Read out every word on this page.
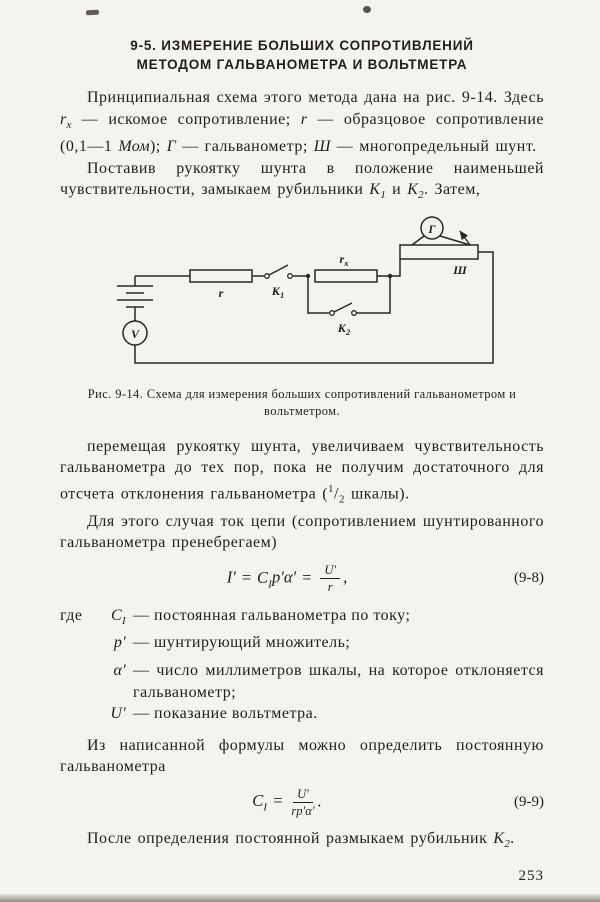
9-5. ИЗМЕРЕНИЕ БОЛЬШИХ СОПРОТИВЛЕНИЙ
МЕТОДОМ ГАЛЬВАНОМЕТРА И ВОЛЬТМЕТРА

Принципиальная схема этого метода дана на рис. 9-14. Здесь $r_x$ — искомое сопротивление; r — образцовое сопротивление (0,1—1 Мом); Г — гальванометр; Ш — многопредельный шунт.

Поставив рукоятку шунта в положение наименьшей чувствительности, замыкаем рубильники $К_1$ и $К_2$. Затем,

V
r	$К_1$
$r_x$
$К_2$
Ш
Г
Рис. 9-14. Схема для измерения больших сопротивлений гальванометром и вольтметром.

перемещая рукоятку шунта, увеличиваем чувствительность гальванометра до тех пор, пока не получим достаточного для отсчета отклонения гальванометра ($^1/_2$ шкалы).

Для этого случая ток цепи (сопротивлением шунтированного гальванометра пренебрегаем)

$I' = C_Ip'\alpha' = \frac{U'}{r}$ ,	(9-8)
где	$C_I$ — постоянная гальванометра по току;
p′ — шунтирующий множитель;
α′ — число миллиметров шкалы, на которое отклоняется гальванометр;
U′ — показание вольтметра.

Из написанной формулы можно определить постоянную гальванометра

$C_I = \frac{U'}{rp'\alpha'}$ .	(9-9)

После определения постоянной размыкаем рубильник $К_2$.

253
